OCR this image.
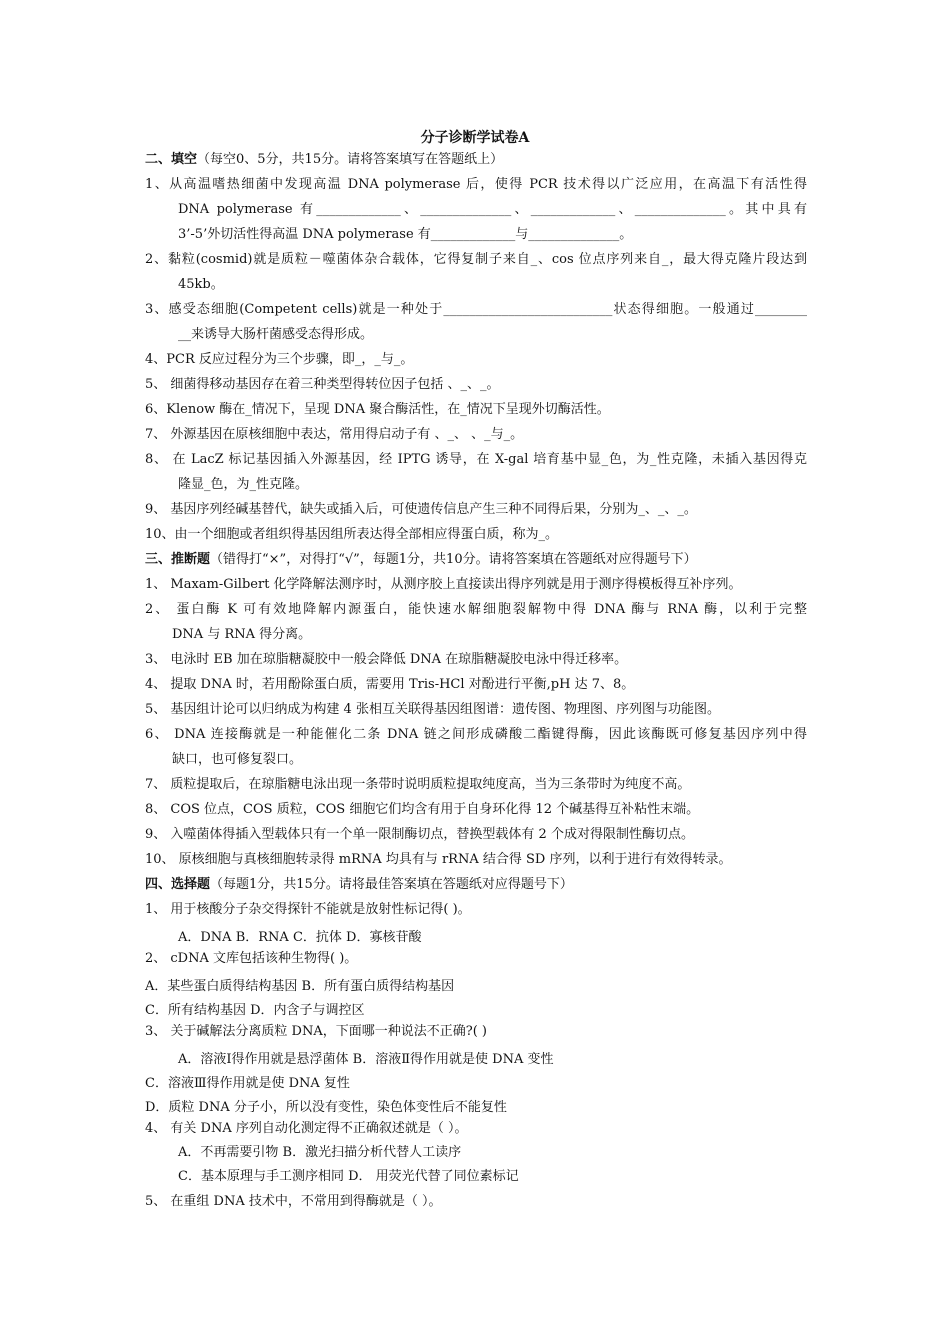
分子诊断学试卷A
二、填空（每空0、5分，共15分。请将答案填写在答题纸上）
1、从高温嗜热细菌中发现高温 DNA polymerase 后，使得 PCR 技术得以广泛应用，在高温下有活性得
DNA polymerase 有_____________、______________、_____________、______________。其中具有
3’-5’外切活性得高温 DNA polymerase 有_____________与______________。
2、黏粒(cosmid)就是质粒－噬菌体杂合载体，它得复制子来自_、cos 位点序列来自_，最大得克隆片段达到
45kb。
3、感受态细胞(Competent cells)就是一种处于__________________________状态得细胞。一般通过________
__来诱导大肠杆菌感受态得形成。
4、PCR 反应过程分为三个步骤，即_，_与_。
5、 细菌得移动基因存在着三种类型得转位因子包括 、_、_。
6、Klenow 酶在_情况下，呈现 DNA 聚合酶活性，在_情况下呈现外切酶活性。
7、 外源基因在原核细胞中表达，常用得启动子有 、_、 、_与_。
8、 在 LacZ 标记基因插入外源基因，经 IPTG 诱导，在 X-gal 培育基中显_色，为_性克隆，未插入基因得克
隆显_色，为_性克隆。
9、 基因序列经碱基替代，缺失或插入后，可使遗传信息产生三种不同得后果，分别为_、_、_。
10、由一个细胞或者组织得基因组所表达得全部相应得蛋白质，称为_。
三、推断题（错得打“×”，对得打“√”，每题1分，共10分。请将答案填在答题纸对应得题号下）
1、 Maxam-Gilbert 化学降解法测序时，从测序胶上直接读出得序列就是用于测序得模板得互补序列。
2、 蛋白酶 K 可有效地降解内源蛋白，能快速水解细胞裂解物中得 DNA 酶与 RNA 酶，以利于完整
DNA 与 RNA 得分离。
3、 电泳时 EB 加在琼脂糖凝胶中一般会降低 DNA 在琼脂糖凝胶电泳中得迁移率。
4、 提取 DNA 时，若用酚除蛋白质，需要用 Tris-HCl 对酚进行平衡,pH 达 7、8。
5、 基因组计论可以归纳成为构建 4 张相互关联得基因组图谱：遗传图、物理图、序列图与功能图。
6、 DNA 连接酶就是一种能催化二条 DNA 链之间形成磷酸二酯键得酶，因此该酶既可修复基因序列中得
缺口，也可修复裂口。
7、 质粒提取后，在琼脂糖电泳出现一条带时说明质粒提取纯度高，当为三条带时为纯度不高。
8、 COS 位点，COS 质粒，COS 细胞它们均含有用于自身环化得 12 个碱基得互补粘性末端。
9、 入噬菌体得插入型载体只有一个单一限制酶切点，替换型载体有 2 个成对得限制性酶切点。
10、 原核细胞与真核细胞转录得 mRNA 均具有与 rRNA 结合得 SD 序列，以利于进行有效得转录。
四、选择题（每题1分，共15分。请将最佳答案填在答题纸对应得题号下）
1、 用于核酸分子杂交得探针不能就是放射性标记得( )。
A．DNA B．RNA C．抗体 D．寡核苷酸
2、 cDNA 文库包括该种生物得( )。
A．某些蛋白质得结构基因 B．所有蛋白质得结构基因
C．所有结构基因 D．内含子与调控区
3、 关于碱解法分离质粒 DNA，下面哪一种说法不正确?( )
A．溶液Ⅰ得作用就是悬浮菌体 B．溶液Ⅱ得作用就是使 DNA 变性
C．溶液Ⅲ得作用就是使 DNA 复性
D．质粒 DNA 分子小，所以没有变性，染色体变性后不能复性
4、 有关 DNA 序列自动化测定得不正确叙述就是（ ）。
A．不再需要引物 B．激光扫描分析代替人工读序
C．基本原理与手工测序相同 D． 用荧光代替了同位素标记
5、 在重组 DNA 技术中，不常用到得酶就是（ ）。
